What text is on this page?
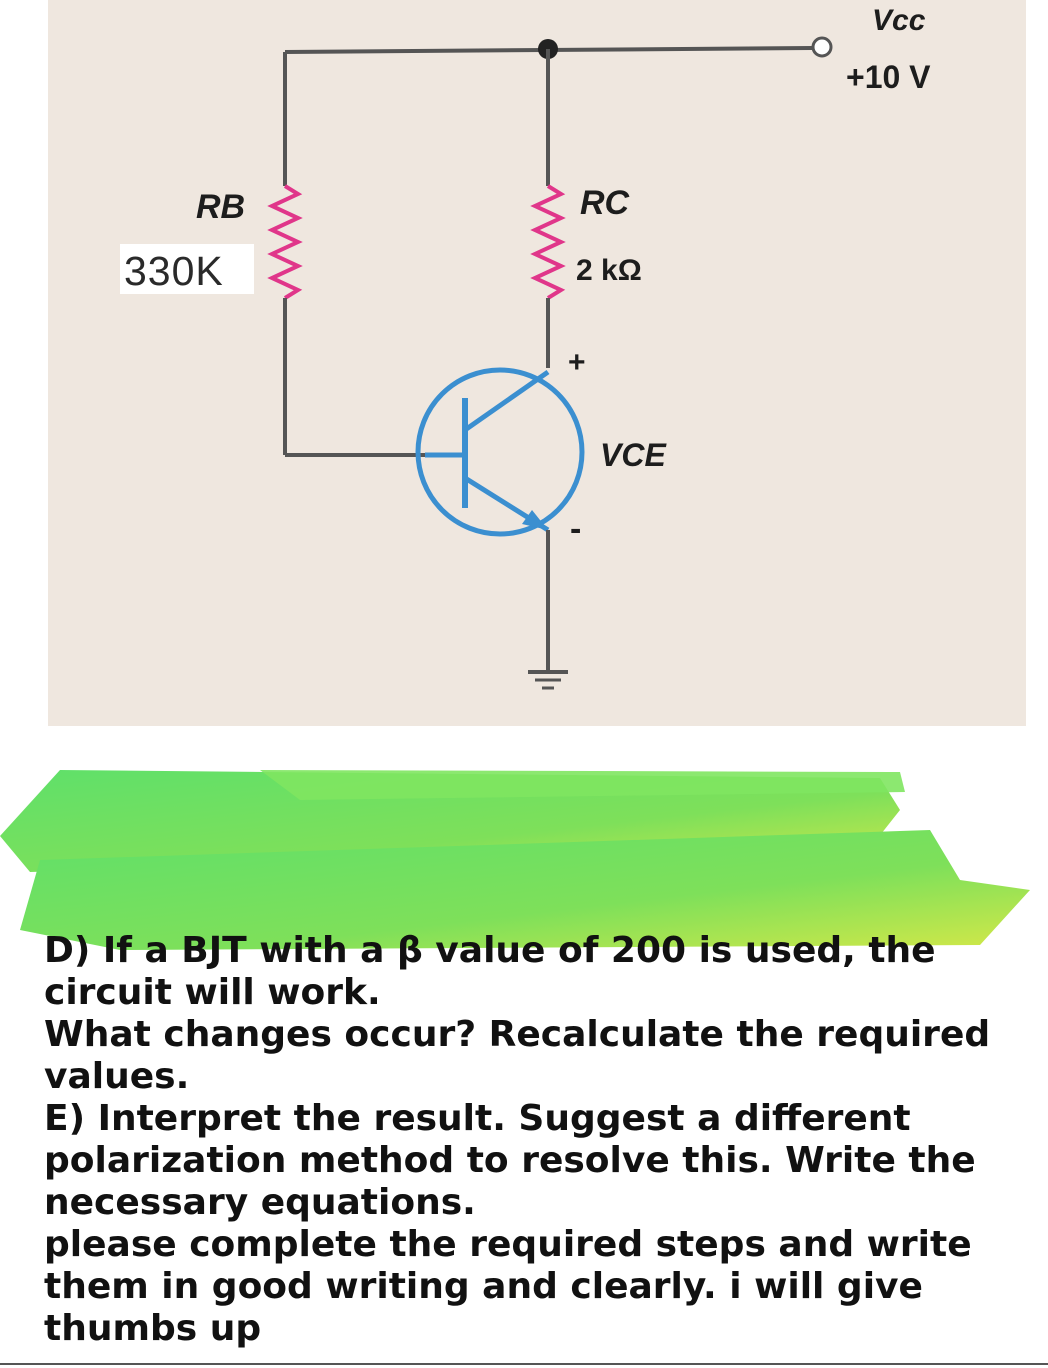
Vcc
+10 V
RB	RC
2 kΩ
+
VCE
-
330K

D) If a BJT with a β value of 200 is used, the circuit will work.

What changes occur? Recalculate the required values.

E) Interpret the result. Suggest a different polarization method to resolve this. Write the necessary equations.

please complete the required steps and write them in good writing and clearly. i will give thumbs up
